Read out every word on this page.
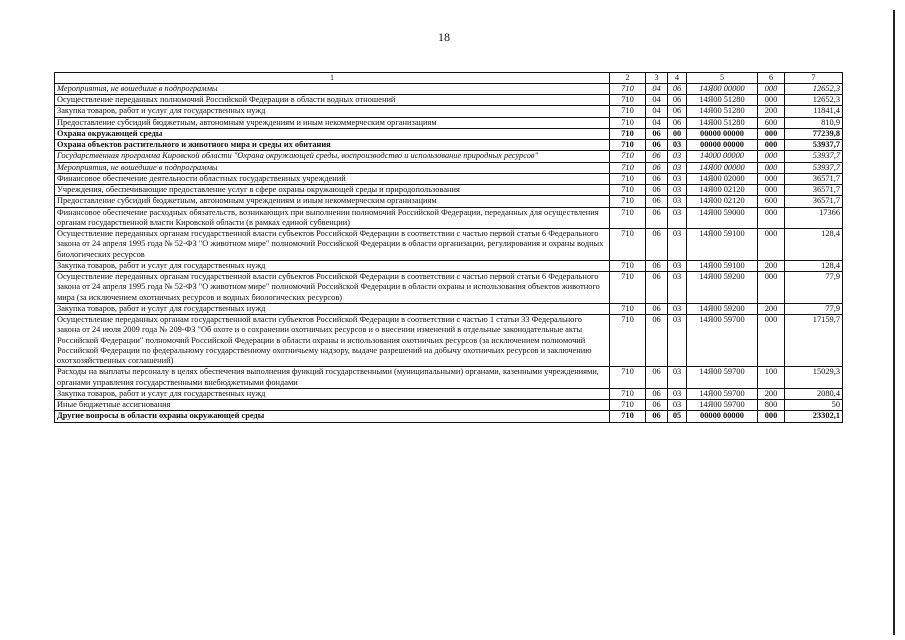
18
1	2	3	4	5	6	7
Мероприятия, не вошедшие в подпрограммы	710	04	06	14Я00 00000	000	12652,3
Осуществление переданных полномочий Российской Федерации в области водных отношений	710	04	06	14Я00 51280	000	12652,3
Закупка товаров, работ и услуг для государственных нужд	710	04	06	14Я00 51280	200	11841,4
Предоставление субсидий бюджетным, автономным учреждениям и иным некоммерческим организациям	710	04	06	14Я00 51280	600	810,9
Охрана окружающей среды	710	06	00	00000 00000	000	77239,8
Охрана объектов растительного и животного мира и среды их обитания	710	06	03	00000 00000	000	53937,7
Государственная программа Кировской области "Охрана окружающей среды, воспроизводство и использование природных ресурсов"	710	06	03	14000 00000	000	53937,7
Мероприятия, не вошедшие в подпрограммы	710	06	03	14Я00 00000	000	53937,7
Финансовое обеспечение деятельности областных государственных учреждений	710	06	03	14Я00 02000	000	36571,7
Учреждения, обеспечивающие предоставление услуг в сфере охраны окружающей среды и природопользования	710	06	03	14Я00 02120	000	36571,7
Предоставление субсидий бюджетным, автономным учреждениям и иным некоммерческим организациям	710	06	03	14Я00 02120	600	36571,7
Финансовое обеспечение расходных обязательств, возникающих при выполнении полномочий Российской Федерации, переданных для осуществления органам государственной власти Кировской области (в рамках единой субвенции)	710	06	03	14Я00 59000	000	17366
Осуществление переданных органам государственной власти субъектов Российской Федерации в соответствии с частью первой статьи 6 Федерального закона от 24 апреля 1995 года № 52-ФЗ "О животном мире" полномочий Российской Федерации в области организации, регулирования и охраны водных биологических ресурсов	710	06	03	14Я00 59100	000	128,4
Закупка товаров, работ и услуг для государственных нужд	710	06	03	14Я00 59100	200	128,4
Осуществление переданных органам государственной власти субъектов Российской Федерации в соответствии с частью первой статьи 6 Федерального закона от 24 апреля 1995 года № 52-ФЗ "О животном мире" полномочий Российской Федерации в области охраны и использования объектов животного мира (за исключением охотничьих ресурсов и водных биологических ресурсов)	710	06	03	14Я00 59200	000	77,9
Закупка товаров, работ и услуг для государственных нужд	710	06	03	14Я00 59200	200	77,9
Осуществление переданных органам государственной власти субъектов Российской Федерации в соответствии с частью 1 статьи 33 Федерального закона от 24 июля 2009 года № 209-ФЗ "Об охоте и о сохранении охотничьих ресурсов и о внесении изменений в отдельные законодательные акты Российской Федерации" полномочий Российской Федерации в области охраны и использования охотничьих ресурсов (за исключением полномочий Российской Федерации по федеральному государственному охотничьему надзору, выдаче разрешений на добычу охотничьих ресурсов и заключению охотхозяйственных соглашений)	710	06	03	14Я00 59700	000	17159,7
Расходы на выплаты персоналу в целях обеспечения выполнения функций государственными (муниципальными) органами, казенными учреждениями, органами управления государственными внебюджетными фондами	710	06	03	14Я00 59700	100	15029,3
Закупка товаров, работ и услуг для государственных нужд	710	06	03	14Я00 59700	200	2080,4
Иные бюджетные ассигнования	710	06	03	14Я00 59700	800	50
Другие вопросы в области охраны окружающей среды	710	06	05	00000 00000	000	23302,1
